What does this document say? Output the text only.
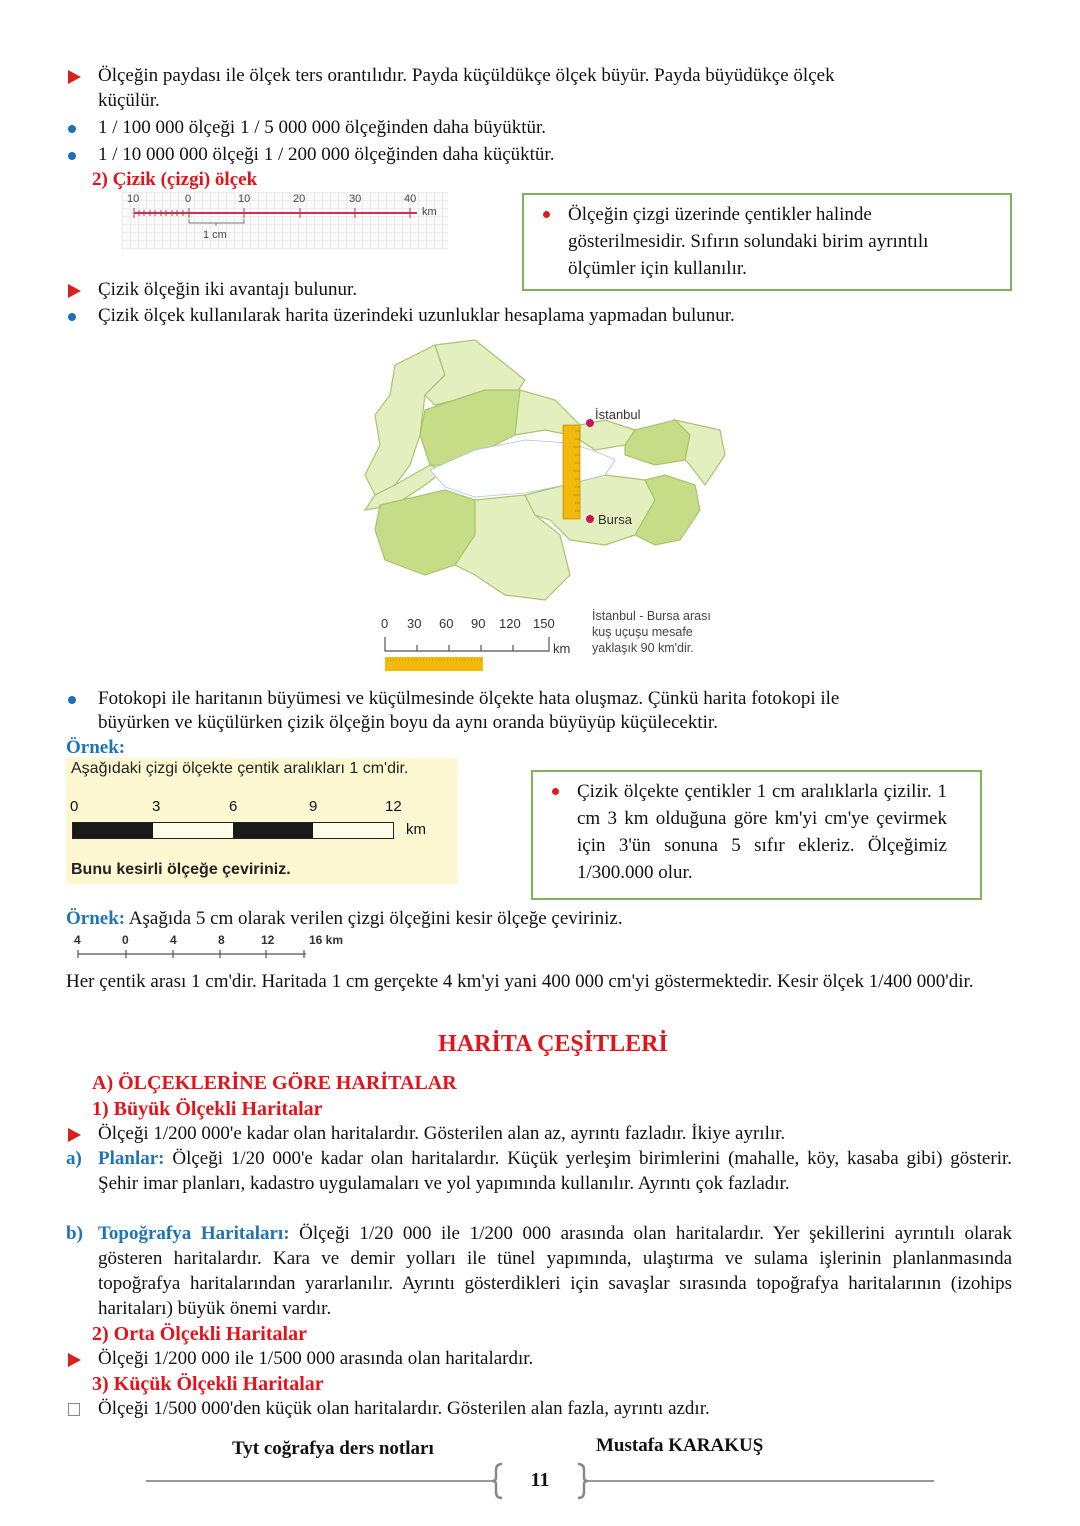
Ölçeğin paydası ile ölçek ters orantılıdır. Payda küçüldükçe ölçek büyür. Payda büyüdükçe ölçek
küçülür.
1 / 100 000 ölçeği 1 / 5 000 000 ölçeğinden daha büyüktür.
1 / 10 000 000 ölçeği 1 / 200 000 ölçeğinden daha küçüktür.
2) Çizik (çizgi) ölçek
10	0	10	20	30	40
km
1 cm
Ölçeğin çizgi üzerinde çentikler halinde gösterilmesidir. Sıfırın solundaki birim ayrıntılı ölçümler için kullanılır.
Çizik ölçeğin iki avantajı bulunur.
Çizik ölçek kullanılarak harita üzerindeki uzunluklar hesaplama yapmadan bulunur.
İstanbul
Bursa
0 30 60 90 120 150
km
İstanbul - Bursa arası
kuş uçuşu mesafe
yaklaşık 90 km'dir.
Fotokopi ile haritanın büyümesi ve küçülmesinde ölçekte hata oluşmaz. Çünkü harita fotokopi ile
büyürken ve küçülürken çizik ölçeğin boyu da aynı oranda büyüyüp küçülecektir.
Örnek:
Aşağıdaki çizgi ölçekte çentik aralıkları 1 cm'dir.
0	3	6	9	12
km
Bunu kesirli ölçeğe çeviriniz.
Çizik ölçekte çentikler 1 cm aralıklarla çizilir. 1 cm 3 km olduğuna göre km'yi cm'ye çevirmek için 3'ün sonuna 5 sıfır ekleriz. Ölçeğimiz 1/300.000 olur.
Örnek: Aşağıda 5 cm olarak verilen çizgi ölçeğini kesir ölçeğe çeviriniz.
4	0	4	8	12	16 km
Her çentik arası 1 cm'dir. Haritada 1 cm gerçekte 4 km'yi yani 400 000 cm'yi göstermektedir. Kesir ölçek 1/400 000'dir.
HARİTA ÇEŞİTLERİ
A) ÖLÇEKLERİNE GÖRE HARİTALAR
1) Büyük Ölçekli Haritalar
Ölçeği 1/200 000'e kadar olan haritalardır. Gösterilen alan az, ayrıntı fazladır. İkiye ayrılır.
a) Planlar: Ölçeği 1/20 000'e kadar olan haritalardır. Küçük yerleşim birimlerini (mahalle, köy, kasaba gibi) gösterir. Şehir imar planları, kadastro uygulamaları ve yol yapımında kullanılır. Ayrıntı çok fazladır.
b) Topoğrafya Haritaları: Ölçeği 1/20 000 ile 1/200 000 arasında olan haritalardır. Yer şekillerini ayrıntılı olarak gösteren haritalardır. Kara ve demir yolları ile tünel yapımında, ulaştırma ve sulama işlerinin planlanmasında topoğrafya haritalarından yararlanılır. Ayrıntı gösterdikleri için savaşlar sırasında topoğrafya haritalarının (izohips haritaları) büyük önemi vardır.
2) Orta Ölçekli Haritalar
Ölçeği 1/200 000 ile 1/500 000 arasında olan haritalardır.
3) Küçük Ölçekli Haritalar
Ölçeği 1/500 000'den küçük olan haritalardır. Gösterilen alan fazla, ayrıntı azdır.
Tyt coğrafya ders notları	Mustafa KARAKUŞ
11
